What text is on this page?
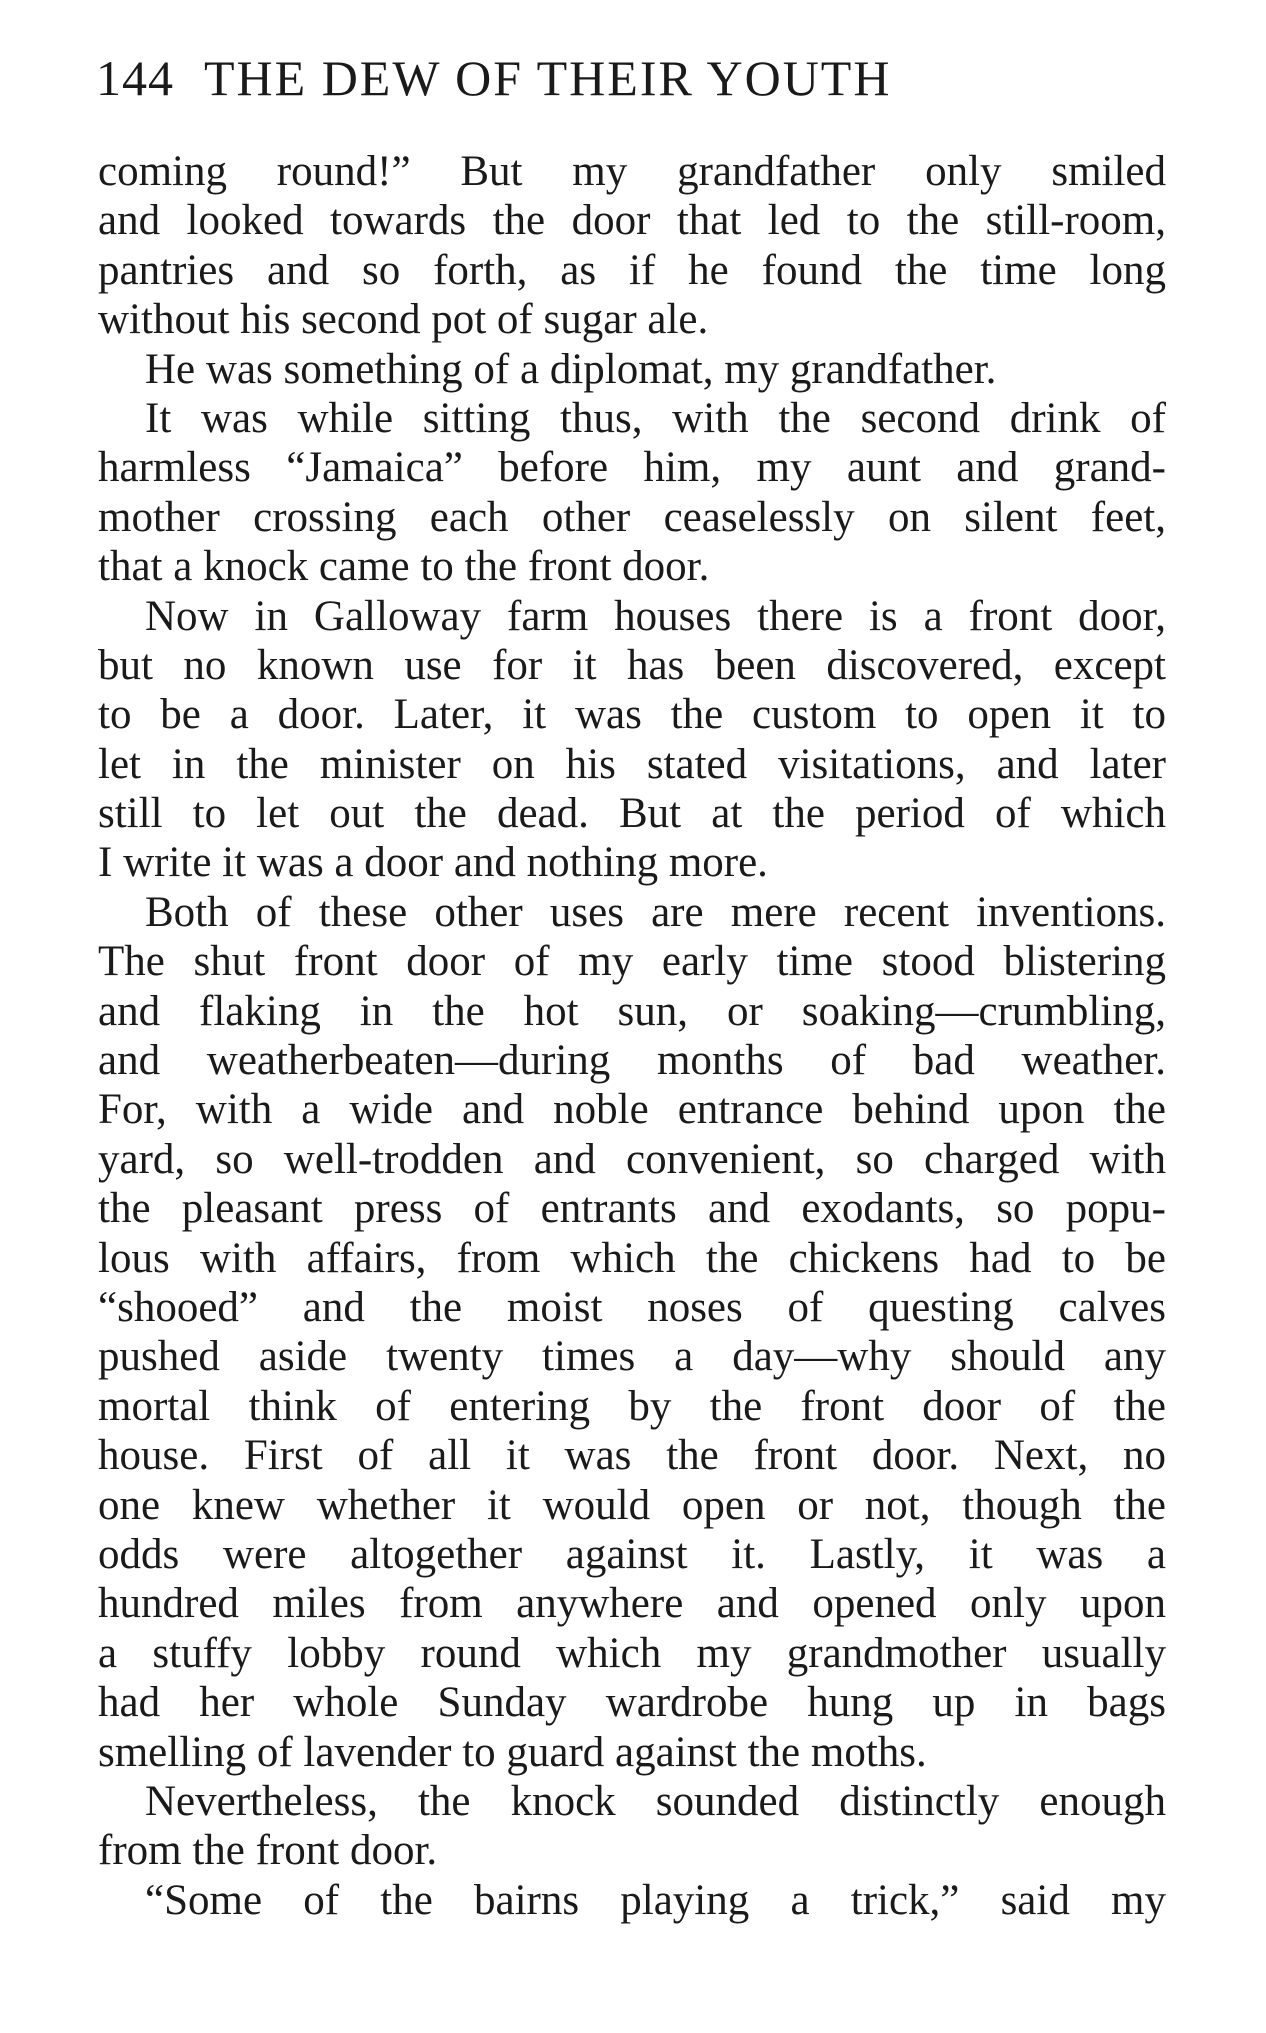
144 THE DEW OF THEIR YOUTH
coming round!” But my grandfather only smiled
and looked towards the door that led to the still-room,
pantries and so forth, as if he found the time long
without his second pot of sugar ale.
He was something of a diplomat, my grandfather.
It was while sitting thus, with the second drink of
harmless “Jamaica” before him, my aunt and grand-
mother crossing each other ceaselessly on silent feet,
that a knock came to the front door.
Now in Galloway farm houses there is a front door,
but no known use for it has been discovered, except
to be a door. Later, it was the custom to open it to
let in the minister on his stated visitations, and later
still to let out the dead. But at the period of which
I write it was a door and nothing more.
Both of these other uses are mere recent inventions.
The shut front door of my early time stood blistering
and flaking in the hot sun, or soaking—crumbling,
and weatherbeaten—during months of bad weather.
For, with a wide and noble entrance behind upon the
yard, so well-trodden and convenient, so charged with
the pleasant press of entrants and exodants, so popu-
lous with affairs, from which the chickens had to be
“shooed” and the moist noses of questing calves
pushed aside twenty times a day—why should any
mortal think of entering by the front door of the
house. First of all it was the front door. Next, no
one knew whether it would open or not, though the
odds were altogether against it. Lastly, it was a
hundred miles from anywhere and opened only upon
a stuffy lobby round which my grandmother usually
had her whole Sunday wardrobe hung up in bags
smelling of lavender to guard against the moths.
Nevertheless, the knock sounded distinctly enough
from the front door.
“Some of the bairns playing a trick,” said my
